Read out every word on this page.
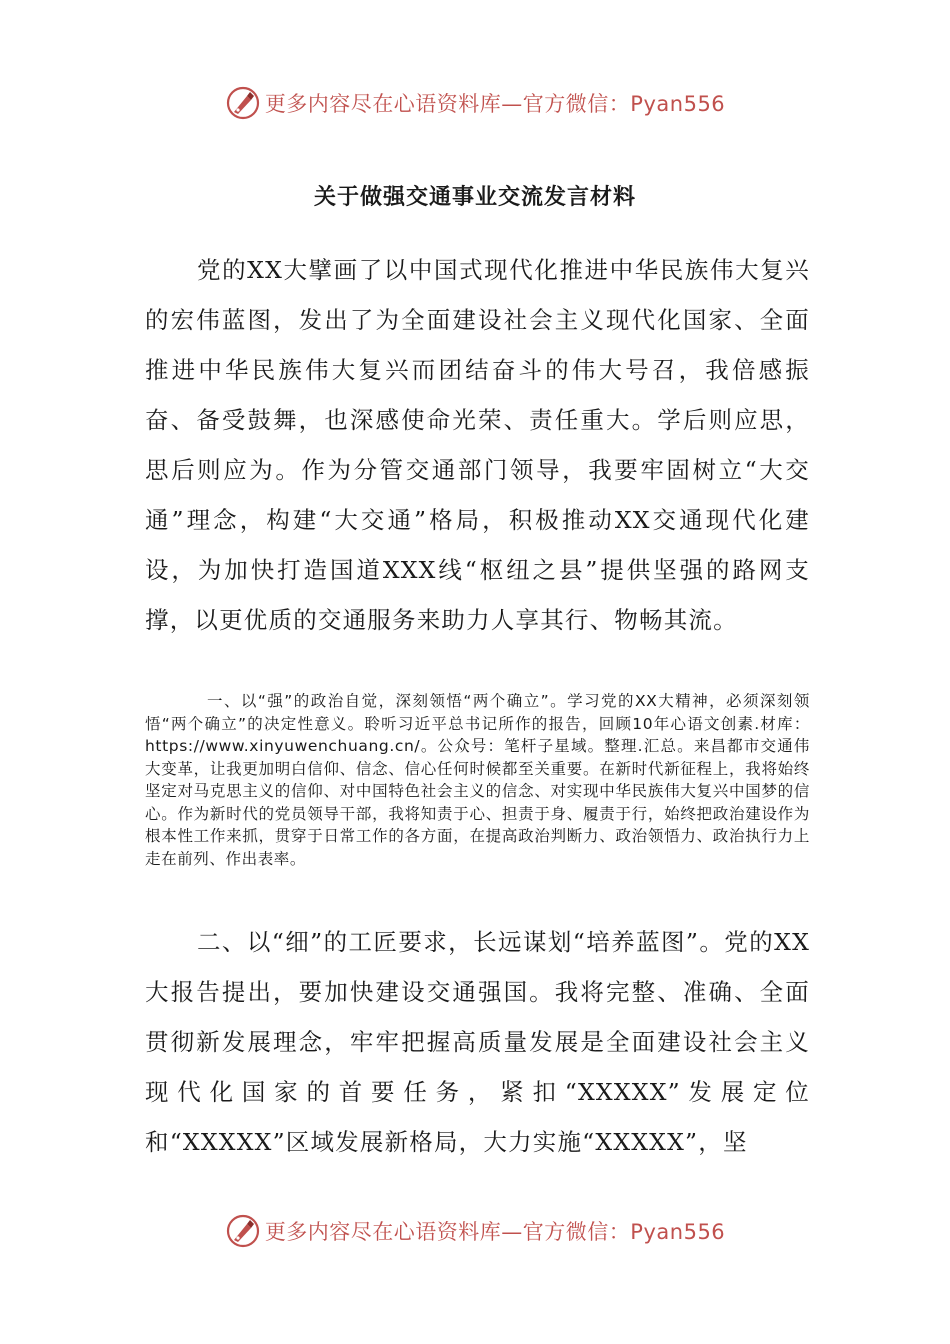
更多内容尽在心语资料库—官方微信：Pyan556
关于做强交通事业交流发言材料

党的XX大擘画了以中国式现代化推进中华民族伟大复兴的宏伟蓝图，发出了为全面建设社会主义现代化国家、全面推进中华民族伟大复兴而团结奋斗的伟大号召，我倍感振奋、备受鼓舞，也深感使命光荣、责任重大。学后则应思，思后则应为。作为分管交通部门领导，我要牢固树立“大交通”理念，构建“大交通”格局，积极推动XX交通现代化建设，为加快打造国道XXX线“枢纽之县”提供坚强的路网支撑，以更优质的交通服务来助力人享其行、物畅其流。

一、以“强”的政治自觉，深刻领悟“两个确立”。学习党的XX大精神，必须深刻领悟“两个确立”的决定性意义。聆听习近平总书记所作的报告，回顾10年心语文创素.材库：https://www.xinyuwenchuang.cn/。公众号：笔杆子星域。整理.汇总。来昌都市交通伟大变革，让我更加明白信仰、信念、信心任何时候都至关重要。在新时代新征程上，我将始终坚定对马克思主义的信仰、对中国特色社会主义的信念、对实现中华民族伟大复兴中国梦的信心。作为新时代的党员领导干部，我将知责于心、担责于身、履责于行，始终把政治建设作为根本性工作来抓，贯穿于日常工作的各方面，在提高政治判断力、政治领悟力、政治执行力上走在前列、作出表率。

二、以“细”的工匠要求，长远谋划“培养蓝图”。党的XX大报告提出，要加快建设交通强国。我将完整、准确、全面贯彻新发展理念，牢牢把握高质量发展是全面建设社会主义现代化国家的首要任务，紧扣“XXXXX”发展定位和“XXXXX”区域发展新格局，大力实施“XXXXX”，坚

更多内容尽在心语资料库—官方微信：Pyan556
